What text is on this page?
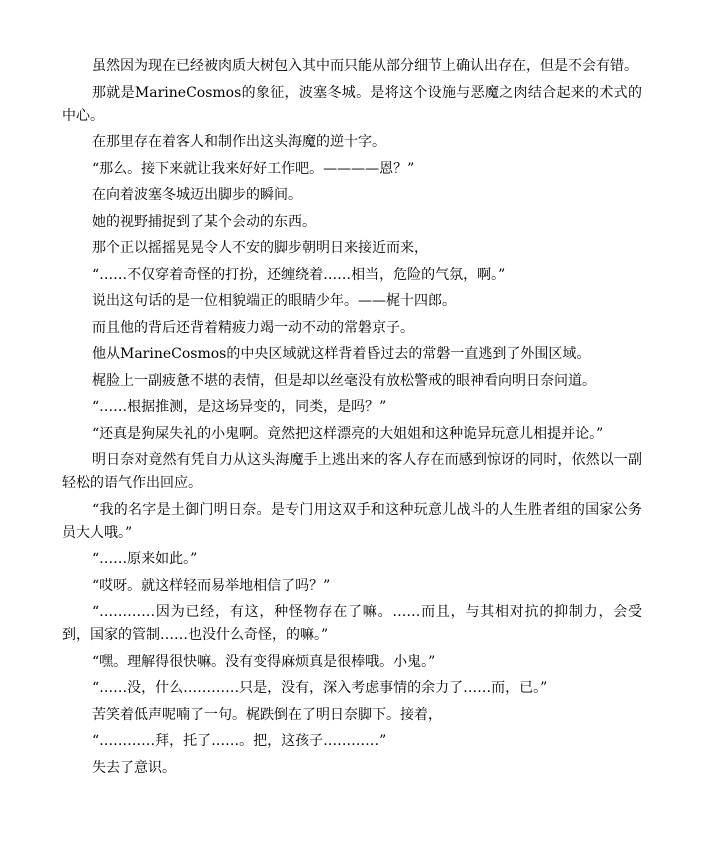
虽然因为现在已经被肉质大树包入其中而只能从部分细节上确认出存在，但是不会有错。

那就是MarineCosmos的象征，波塞冬城。是将这个设施与恶魔之肉结合起来的术式的中心。

在那里存在着客人和制作出这头海魔的逆十字。

“那么。接下来就让我来好好工作吧。————恩？”

在向着波塞冬城迈出脚步的瞬间。

她的视野捕捉到了某个会动的东西。

那个正以摇摇晃晃令人不安的脚步朝明日来接近而来，

“……不仅穿着奇怪的打扮，还缠绕着……相当，危险的气氛，啊。”

说出这句话的是一位相貌端正的眼睛少年。——梶十四郎。

而且他的背后还背着精疲力竭一动不动的常磐京子。

他从MarineCosmos的中央区域就这样背着昏过去的常磐一直逃到了外围区域。

梶脸上一副疲惫不堪的表情，但是却以丝毫没有放松警戒的眼神看向明日奈问道。

“……根据推测，是这场异变的，同类，是吗？”

“还真是狗屎失礼的小鬼啊。竟然把这样漂亮的大姐姐和这种诡异玩意儿相提并论。”

明日奈对竟然有凭自力从这头海魔手上逃出来的客人存在而感到惊讶的同时，依然以一副轻松的语气作出回应。

“我的名字是土御门明日奈。是专门用这双手和这种玩意儿战斗的人生胜者组的国家公务员大人哦。”

“……原来如此。”

“哎呀。就这样轻而易举地相信了吗？”

“…………因为已经，有这，种怪物存在了嘛。……而且，与其相对抗的抑制力，会受到，国家的管制……也没什么奇怪，的嘛。”

“嘿。理解得很快嘛。没有变得麻烦真是很棒哦。小鬼。”

“……没，什么…………只是，没有，深入考虑事情的余力了……而，已。”

苦笑着低声呢喃了一句。梶跌倒在了明日奈脚下。接着，

“…………拜，托了……。把，这孩子…………”

失去了意识。
